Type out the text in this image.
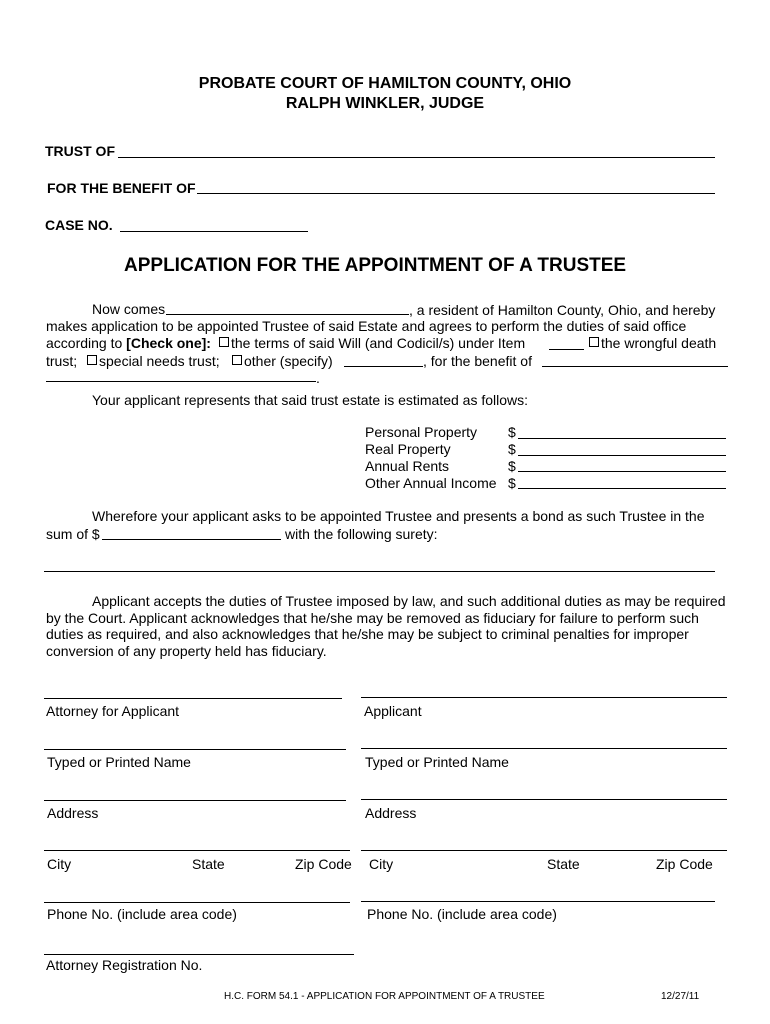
PROBATE COURT OF HAMILTON COUNTY, OHIO
RALPH WINKLER, JUDGE
TRUST OF
FOR THE BENEFIT OF
CASE NO.
APPLICATION FOR THE APPOINTMENT OF A TRUSTEE
Now comes	, a resident of Hamilton County, Ohio, and hereby
makes application to be appointed Trustee of said Estate and agrees to perform the duties of said office
according to [Check one]:	the terms of said Will (and Codicil/s) under Item	the wrongful death
trust;	special needs trust;	other (specify)	, for the benefit of
.
Your applicant represents that said trust estate is estimated as follows:
Personal Property $
Real Property	$
Annual Rents	$
Other Annual Income $
Wherefore your applicant asks to be appointed Trustee and presents a bond as such Trustee in the
sum of $	with the following surety:
Applicant accepts the duties of Trustee imposed by law, and such additional duties as may be required
by the Court. Applicant acknowledges that he/she may be removed as fiduciary for failure to perform such
duties as required, and also acknowledges that he/she may be subject to criminal penalties for improper
conversion of any property held has fiduciary.
Attorney for Applicant
Typed or Printed Name
Address
City	State	Zip Code
Phone No. (include area code)
Attorney Registration No.
Applicant
Typed or Printed Name
Address
City	State	Zip Code
Phone No. (include area code)
H.C. FORM 54.1 - APPLICATION FOR APPOINTMENT OF A TRUSTEE	12/27/11
